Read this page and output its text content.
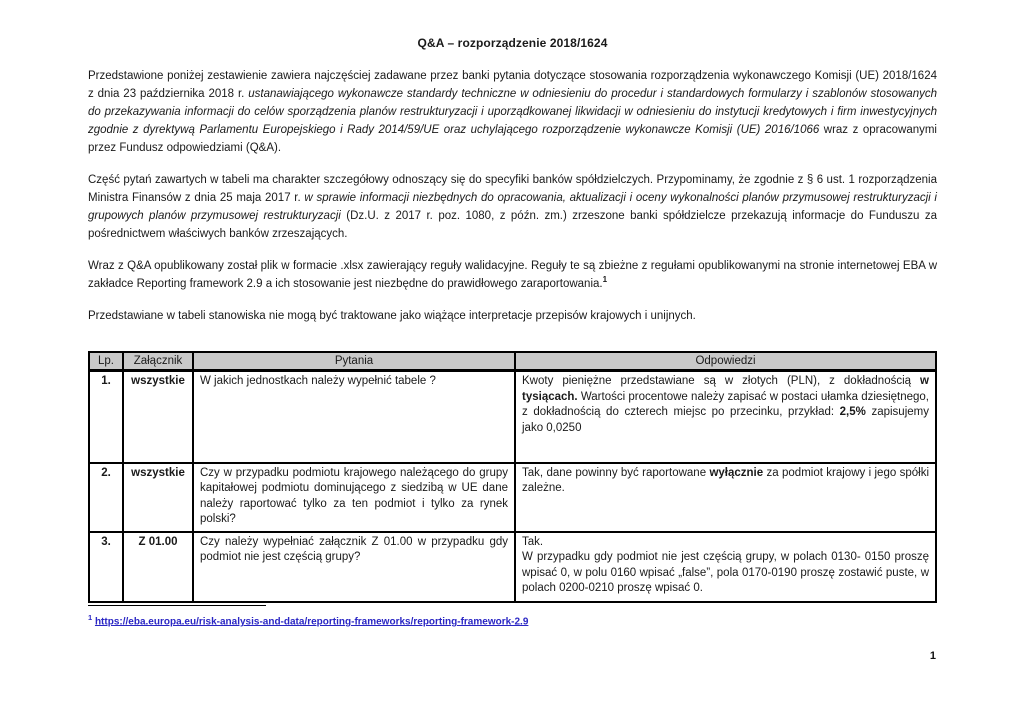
Q&A – rozporządzenie 2018/1624

Przedstawione poniżej zestawienie zawiera najczęściej zadawane przez banki pytania dotyczące stosowania rozporządzenia wykonawczego Komisji (UE) 2018/1624 z dnia 23 października 2018 r. ustanawiającego wykonawcze standardy techniczne w odniesieniu do procedur i standardowych formularzy i szablonów stosowanych do przekazywania informacji do celów sporządzenia planów restrukturyzacji i uporządkowanej likwidacji w odniesieniu do instytucji kredytowych i firm inwestycyjnych zgodnie z dyrektywą Parlamentu Europejskiego i Rady 2014/59/UE oraz uchylającego rozporządzenie wykonawcze Komisji (UE) 2016/1066 wraz z opracowanymi przez Fundusz odpowiedziami (Q&A).

Część pytań zawartych w tabeli ma charakter szczegółowy odnoszący się do specyfiki banków spółdzielczych. Przypominamy, że zgodnie z § 6 ust. 1 rozporządzenia Ministra Finansów z dnia 25 maja 2017 r. w sprawie informacji niezbędnych do opracowania, aktualizacji i oceny wykonalności planów przymusowej restrukturyzacji i grupowych planów przymusowej restrukturyzacji (Dz.U. z 2017 r. poz. 1080, z późn. zm.) zrzeszone banki spółdzielcze przekazują informacje do Funduszu za pośrednictwem właściwych banków zrzeszających.

Wraz z Q&A opublikowany został plik w formacie .xlsx zawierający reguły walidacyjne. Reguły te są zbieżne z regułami opublikowanymi na stronie internetowej EBA w zakładce Reporting framework 2.9 a ich stosowanie jest niezbędne do prawidłowego zaraportowania.$^1$

Przedstawiane w tabeli stanowiska nie mogą być traktowane jako wiążące interpretacje przepisów krajowych i unijnych.

Lp.	Załącznik	Pytania	Odpowiedzi
1.	wszystkie	W jakich jednostkach należy wypełnić tabele ?	Kwoty pieniężne przedstawiane są w złotych (PLN), z dokładnością w tysiącach. Wartości procentowe należy zapisać w postaci ułamka dziesiętnego, z dokładnością do czterech miejsc po przecinku, przykład: 2,5% zapisujemy jako 0,0250
2.	wszystkie	Czy w przypadku podmiotu krajowego należącego do grupy kapitałowej podmiotu dominującego z siedzibą w UE dane należy raportować tylko za ten podmiot i tylko za rynek polski?	Tak, dane powinny być raportowane wyłącznie za podmiot krajowy i jego spółki zależne.
3.	Z 01.00	Czy należy wypełniać załącznik Z 01.00 w przypadku gdy podmiot nie jest częścią grupy?	Tak.
W przypadku gdy podmiot nie jest częścią grupy, w polach 0130- 0150 proszę wpisać 0, w polu 0160 wpisać „false”, pola 0170-0190 proszę zostawić puste, w polach 0200-0210 proszę wpisać 0.
$^1$ https://eba.europa.eu/risk-analysis-and-data/reporting-frameworks/reporting-framework-2.9
1
